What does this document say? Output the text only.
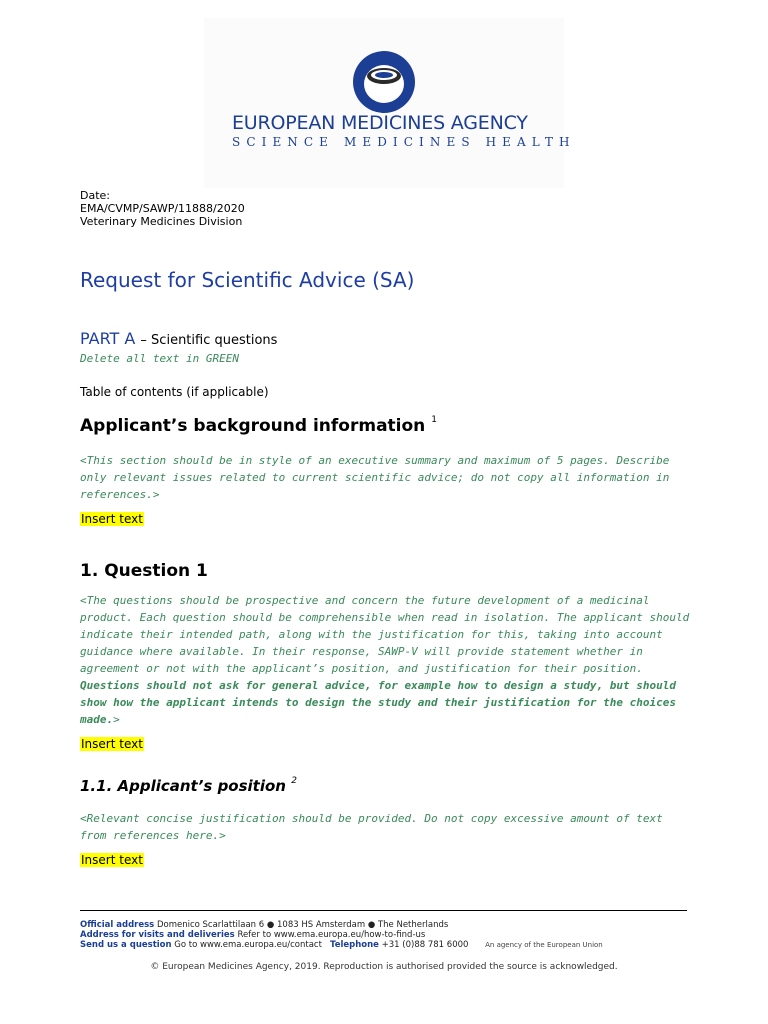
EUROPEAN MEDICINES AGENCY
SCIENCE MEDICINES HEALTH
Date:
EMA/CVMP/SAWP/11888/2020
Veterinary Medicines Division
Request for Scientific Advice (SA)
PART A – Scientific questions
Delete all text in GREEN
Table of contents (if applicable)
Applicant’s background information $^1$
<This section should be in style of an executive summary and maximum of 5 pages. Describe only relevant issues related to current scientific advice; do not copy all information in references.>
Insert text
1. Question 1
<The questions should be prospective and concern the future development of a medicinal product. Each question should be comprehensible when read in isolation. The applicant should indicate their intended path, along with the justification for this, taking into account guidance where available. In their response, SAWP-V will provide statement whether in agreement or not with the applicant’s position, and justification for their position. Questions should not ask for general advice, for example how to design a study, but should show how the applicant intends to design the study and their justification for the choices made.>
Insert text
1.1. Applicant’s position $^2$
<Relevant concise justification should be provided. Do not copy excessive amount of text from references here.>
Insert text
Official address Domenico Scarlattilaan 6 ● 1083 HS Amsterdam ● The Netherlands
Address for visits and deliveries Refer to www.ema.europa.eu/how-to-find-us
Send us a question Go to www.ema.europa.eu/contact Telephone +31 (0)88 781 6000 An agency of the European Union
© European Medicines Agency, 2019. Reproduction is authorised provided the source is acknowledged.
